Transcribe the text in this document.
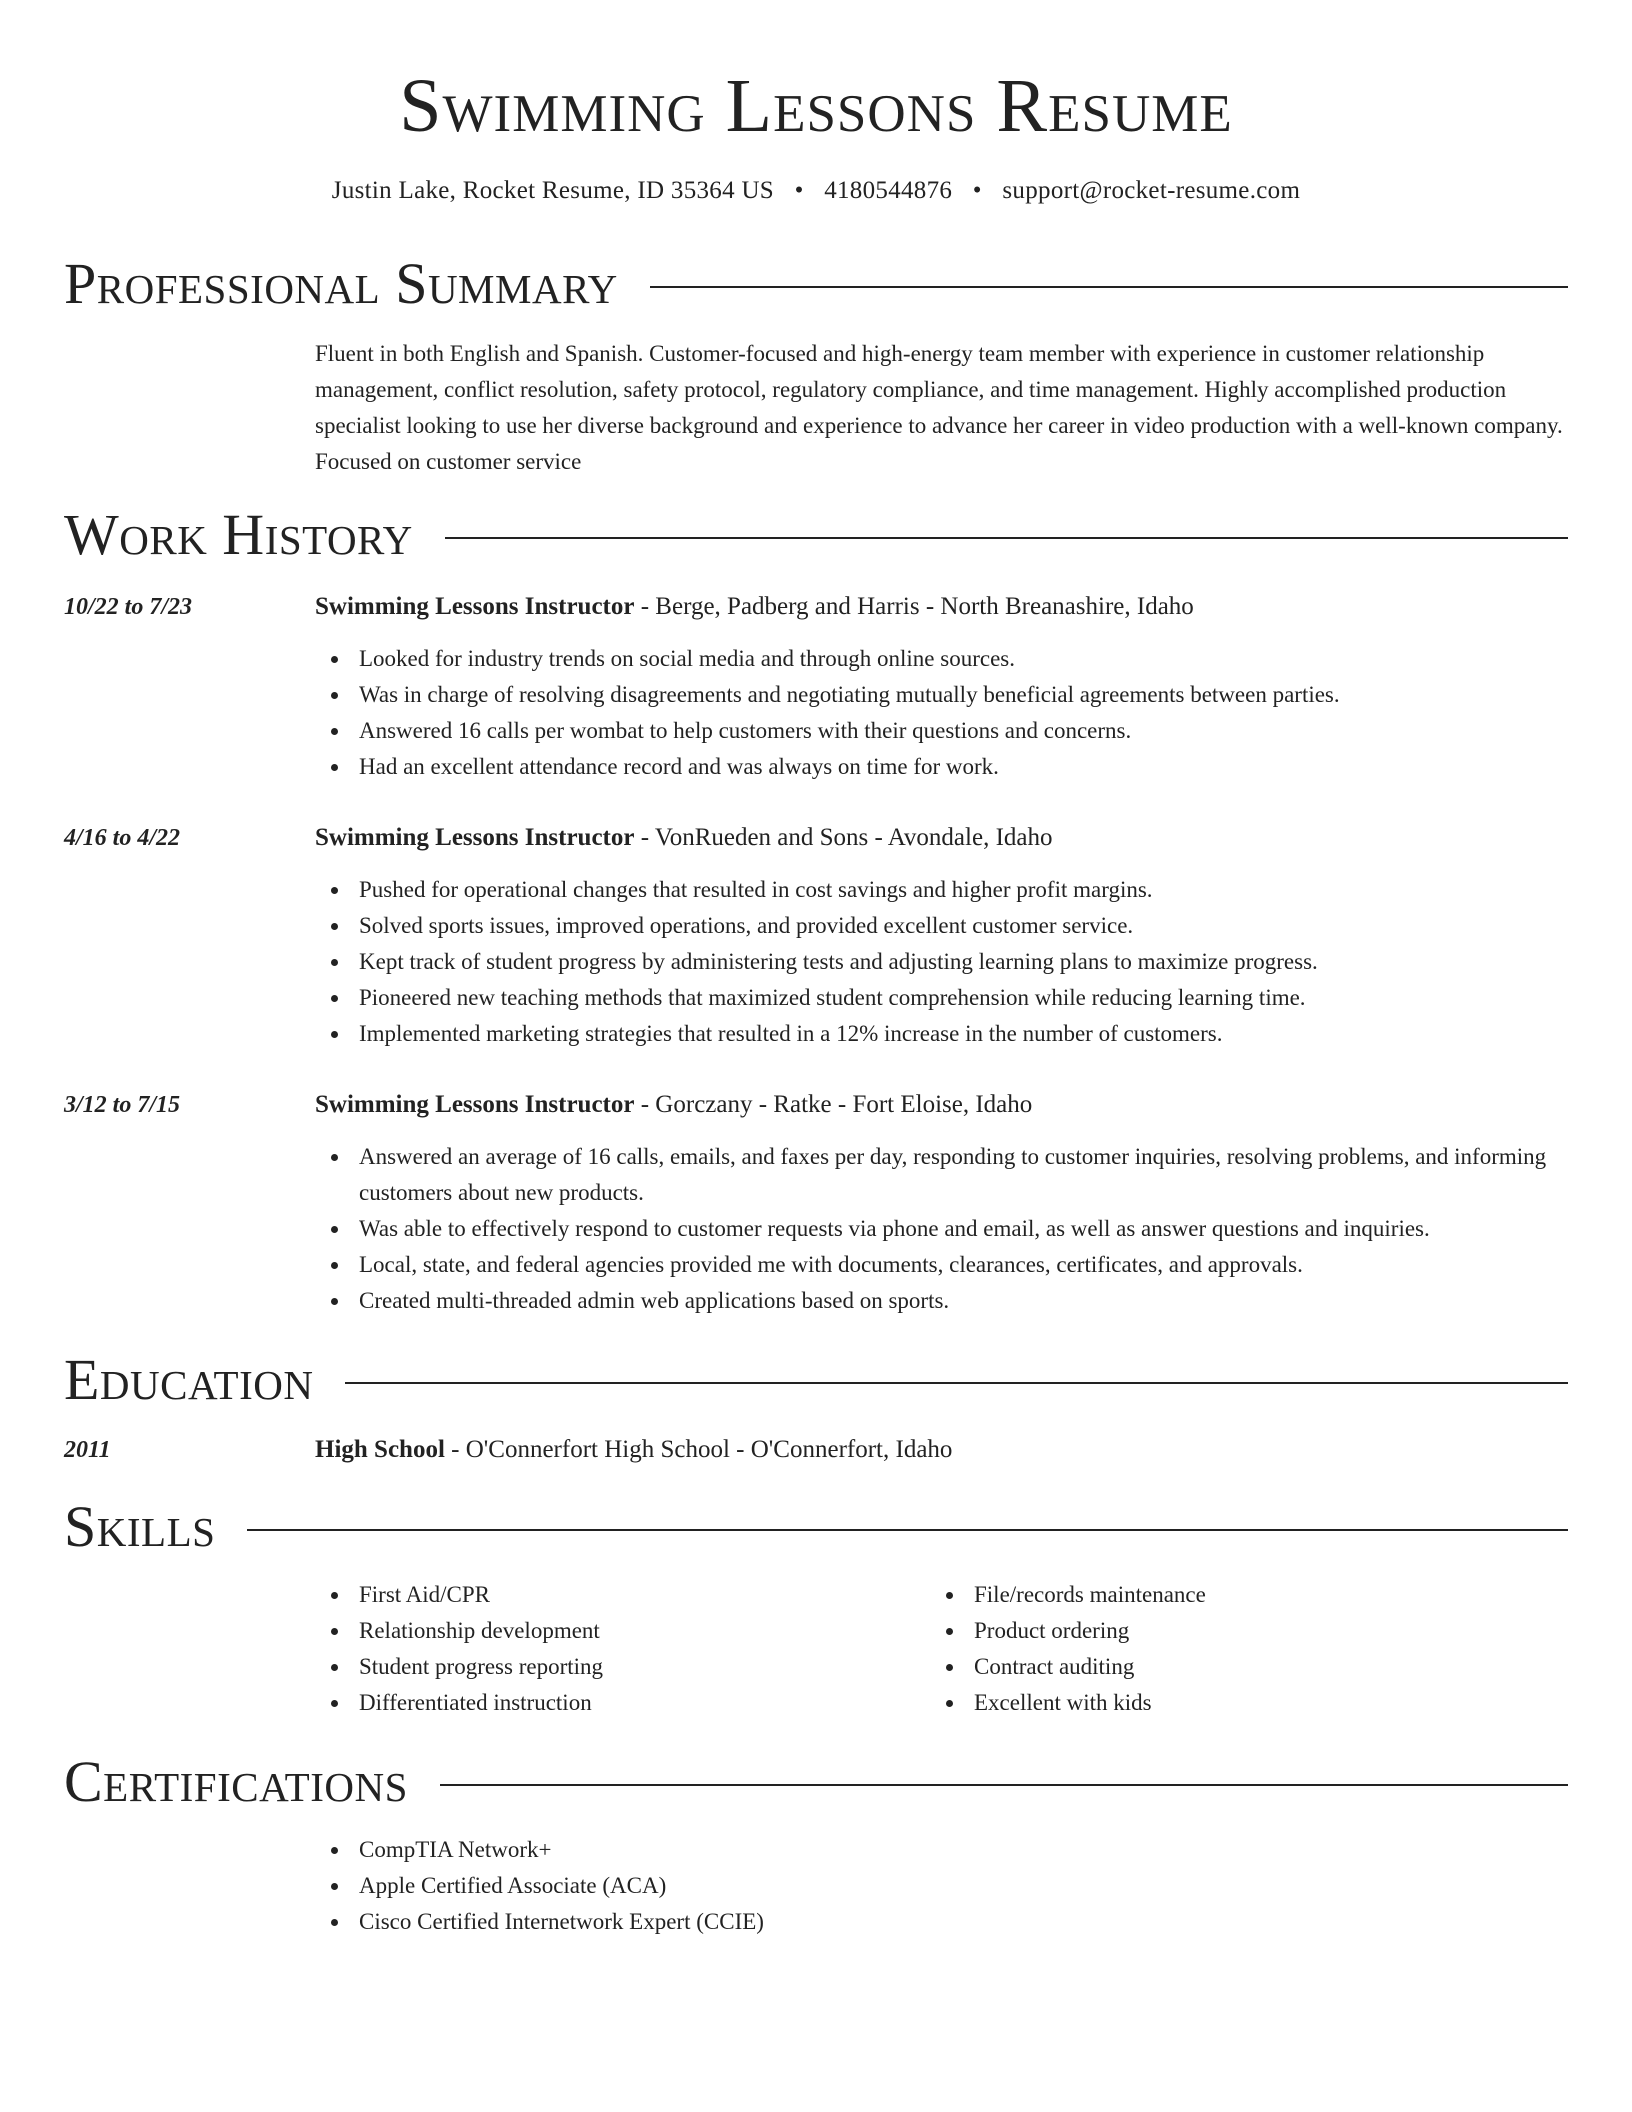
Swimming Lessons Resume
Justin Lake, Rocket Resume, ID 35364 US • 4180544876 • support@rocket-resume.com
Professional Summary
Fluent in both English and Spanish. Customer-focused and high-energy team member with experience in customer relationship management, conflict resolution, safety protocol, regulatory compliance, and time management. Highly accomplished production specialist looking to use her diverse background and experience to advance her career in video production with a well-known company. Focused on customer service
Work History
10/22 to 7/23	Swimming Lessons Instructor - Berge, Padberg and Harris - North Breanashire, Idaho
Looked for industry trends on social media and through online sources.
Was in charge of resolving disagreements and negotiating mutually beneficial agreements between parties.
Answered 16 calls per wombat to help customers with their questions and concerns.
Had an excellent attendance record and was always on time for work.
4/16 to 4/22	Swimming Lessons Instructor - VonRueden and Sons - Avondale, Idaho
Pushed for operational changes that resulted in cost savings and higher profit margins.
Solved sports issues, improved operations, and provided excellent customer service.
Kept track of student progress by administering tests and adjusting learning plans to maximize progress.
Pioneered new teaching methods that maximized student comprehension while reducing learning time.
Implemented marketing strategies that resulted in a 12% increase in the number of customers.
3/12 to 7/15	Swimming Lessons Instructor - Gorczany - Ratke - Fort Eloise, Idaho
Answered an average of 16 calls, emails, and faxes per day, responding to customer inquiries, resolving problems, and informing customers about new products.
Was able to effectively respond to customer requests via phone and email, as well as answer questions and inquiries.
Local, state, and federal agencies provided me with documents, clearances, certificates, and approvals.
Created multi-threaded admin web applications based on sports.
Education
2011	High School - O'Connerfort High School - O'Connerfort, Idaho
Skills
First Aid/CPR
Relationship development
Student progress reporting
Differentiated instruction
File/records maintenance
Product ordering
Contract auditing
Excellent with kids
Certifications
CompTIA Network+
Apple Certified Associate (ACA)
Cisco Certified Internetwork Expert (CCIE)
